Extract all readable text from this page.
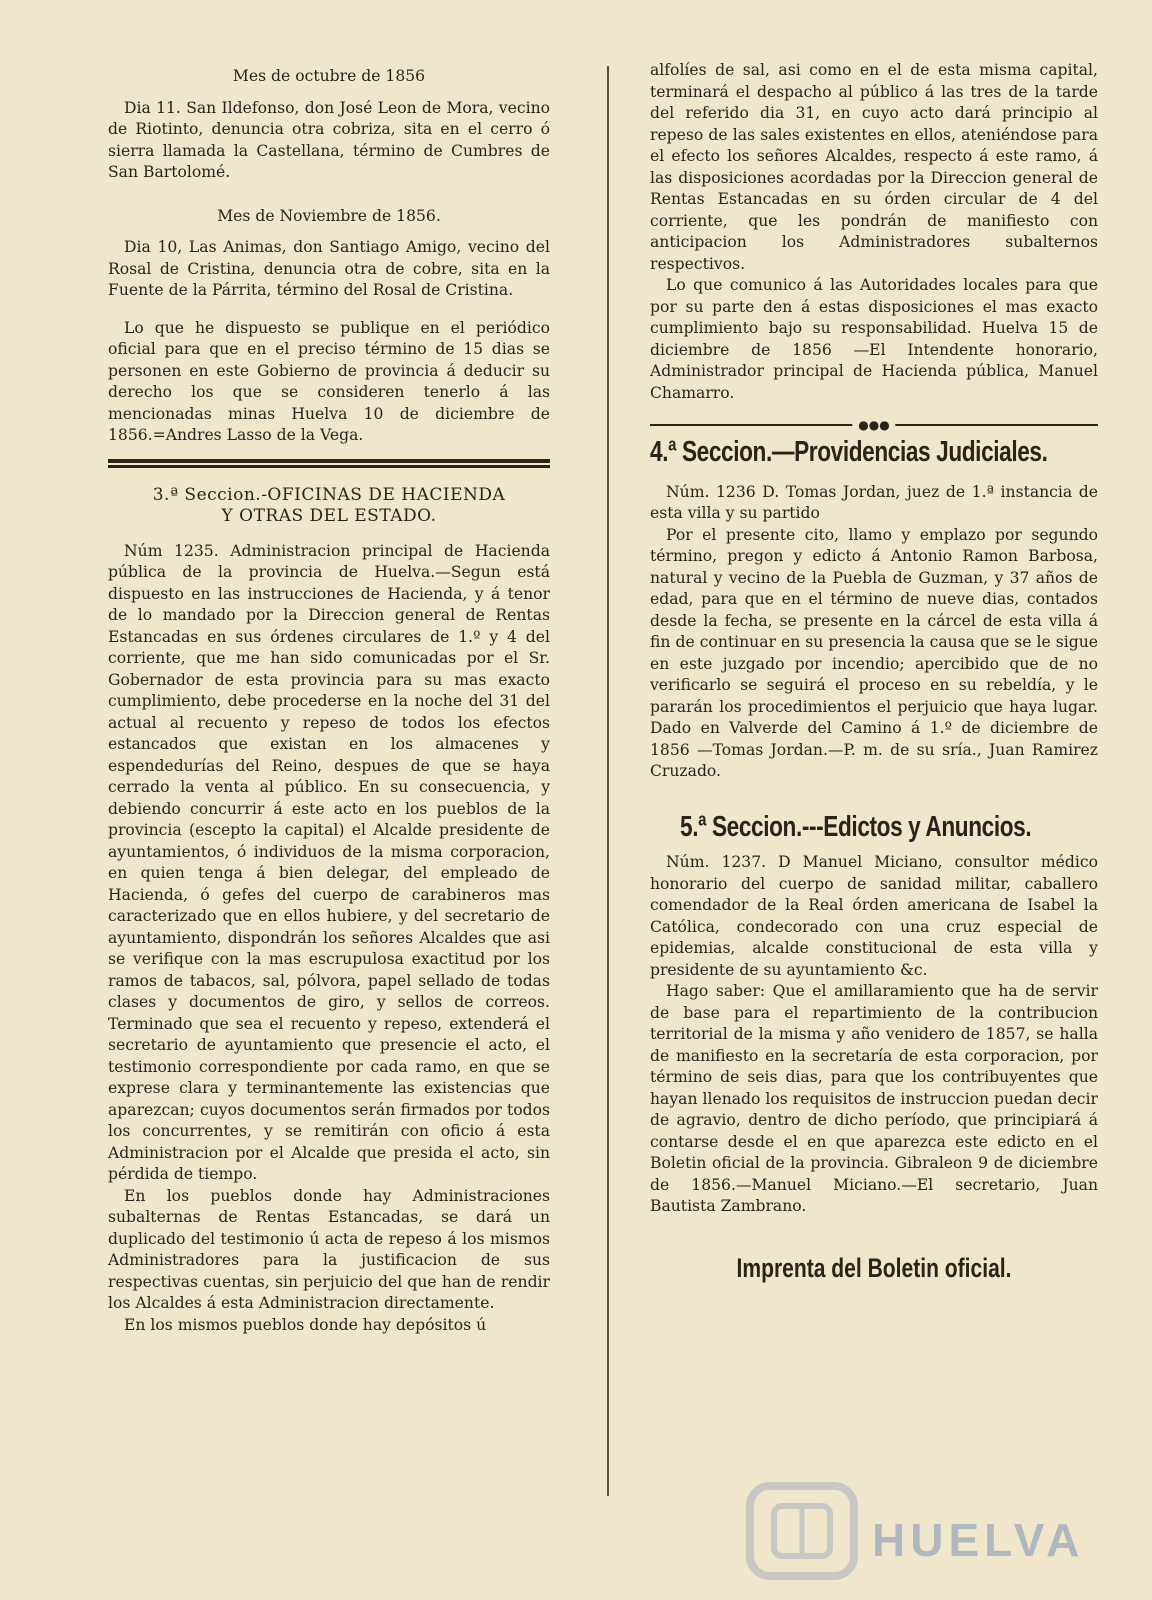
Mes de octubre de 1856

Dia 11. San Ildefonso, don José Leon de Mora, vecino de Riotinto, denuncia otra cobriza, sita en el cerro ó sierra llamada la Castellana, término de Cumbres de San Bartolomé.

Mes de Noviembre de 1856.

Dia 10, Las Animas, don Santiago Amigo, vecino del Rosal de Cristina, denuncia otra de cobre, sita en la Fuente de la Párrita, término del Rosal de Cristina.

Lo que he dispuesto se publique en el periódico oficial para que en el preciso término de 15 dias se personen en este Gobierno de provincia á deducir su derecho los que se consideren tenerlo á las mencionadas minas Huelva 10 de diciembre de 1856.=Andres Lasso de la Vega.

3.ª Seccion.-OFICINAS DE HACIENDA
Y OTRAS DEL ESTADO.

Núm 1235. Administracion principal de Hacienda pública de la provincia de Huelva.—Segun está dispuesto en las instrucciones de Hacienda, y á tenor de lo mandado por la Direccion general de Rentas Estancadas en sus órdenes circulares de 1.º y 4 del corriente, que me han sido comunicadas por el Sr. Gobernador de esta provincia para su mas exacto cumplimiento, debe procederse en la noche del 31 del actual al recuento y repeso de todos los efectos estancados que existan en los almacenes y espendedurías del Reino, despues de que se haya cerrado la venta al público. En su consecuencia, y debiendo concurrir á este acto en los pueblos de la provincia (escepto la capital) el Alcalde presidente de ayuntamientos, ó individuos de la misma corporacion, en quien tenga á bien delegar, del empleado de Hacienda, ó gefes del cuerpo de carabineros mas caracterizado que en ellos hubiere, y del secretario de ayuntamiento, dispondrán los señores Alcaldes que asi se verifique con la mas escrupulosa exactitud por los ramos de tabacos, sal, pólvora, papel sellado de todas clases y documentos de giro, y sellos de correos. Terminado que sea el recuento y repeso, extenderá el secretario de ayuntamiento que presencie el acto, el testimonio correspondiente por cada ramo, en que se exprese clara y terminantemente las existencias que aparezcan; cuyos documentos serán firmados por todos los concurrentes, y se remitirán con oficio á esta Administracion por el Alcalde que presida el acto, sin pérdida de tiempo.

En los pueblos donde hay Administraciones subalternas de Rentas Estancadas, se dará un duplicado del testimonio ú acta de repeso á los mismos Administradores para la justificacion de sus respectivas cuentas, sin perjuicio del que han de rendir los Alcaldes á esta Administracion directamente.

En los mismos pueblos donde hay depósitos ú

alfolíes de sal, asi como en el de esta misma capital, terminará el despacho al público á las tres de la tarde del referido dia 31, en cuyo acto dará principio al repeso de las sales existentes en ellos, ateniéndose para el efecto los señores Alcaldes, respecto á este ramo, á las disposiciones acordadas por la Direccion general de Rentas Estancadas en su órden circular de 4 del corriente, que les pondrán de manifiesto con anticipacion los Administradores subalternos respectivos.

Lo que comunico á las Autoridades locales para que por su parte den á estas disposiciones el mas exacto cumplimiento bajo su responsabilidad. Huelva 15 de diciembre de 1856 —El Intendente honorario, Administrador principal de Hacienda pública, Manuel Chamarro.

●●●
4.ª Seccion.—Providencias Judiciales.

Núm. 1236 D. Tomas Jordan, juez de 1.ª instancia de esta villa y su partido

Por el presente cito, llamo y emplazo por segundo término, pregon y edicto á Antonio Ramon Barbosa, natural y vecino de la Puebla de Guzman, y 37 años de edad, para que en el término de nueve dias, contados desde la fecha, se presente en la cárcel de esta villa á fin de continuar en su presencia la causa que se le sigue en este juzgado por incendio; apercibido que de no verificarlo se seguirá el proceso en su rebeldía, y le pararán los procedimientos el perjuicio que haya lugar. Dado en Valverde del Camino á 1.º de diciembre de 1856 —Tomas Jordan.—P. m. de su sría., Juan Ramirez Cruzado.

5.ª Seccion.---Edictos y Anuncios.

Núm. 1237. D Manuel Miciano, consultor médico honorario del cuerpo de sanidad militar, caballero comendador de la Real órden americana de Isabel la Católica, condecorado con una cruz especial de epidemias, alcalde constitucional de esta villa y presidente de su ayuntamiento &c.

Hago saber: Que el amillaramiento que ha de servir de base para el repartimiento de la contribucion territorial de la misma y año venidero de 1857, se halla de manifiesto en la secretaría de esta corporacion, por término de seis dias, para que los contribuyentes que hayan llenado los requisitos de instruccion puedan decir de agravio, dentro de dicho período, que principiará á contarse desde el en que aparezca este edicto en el Boletin oficial de la provincia. Gibraleon 9 de diciembre de 1856.—Manuel Miciano.—El secretario, Juan Bautista Zambrano.

Imprenta del Boletin oficial.
HUELVA
